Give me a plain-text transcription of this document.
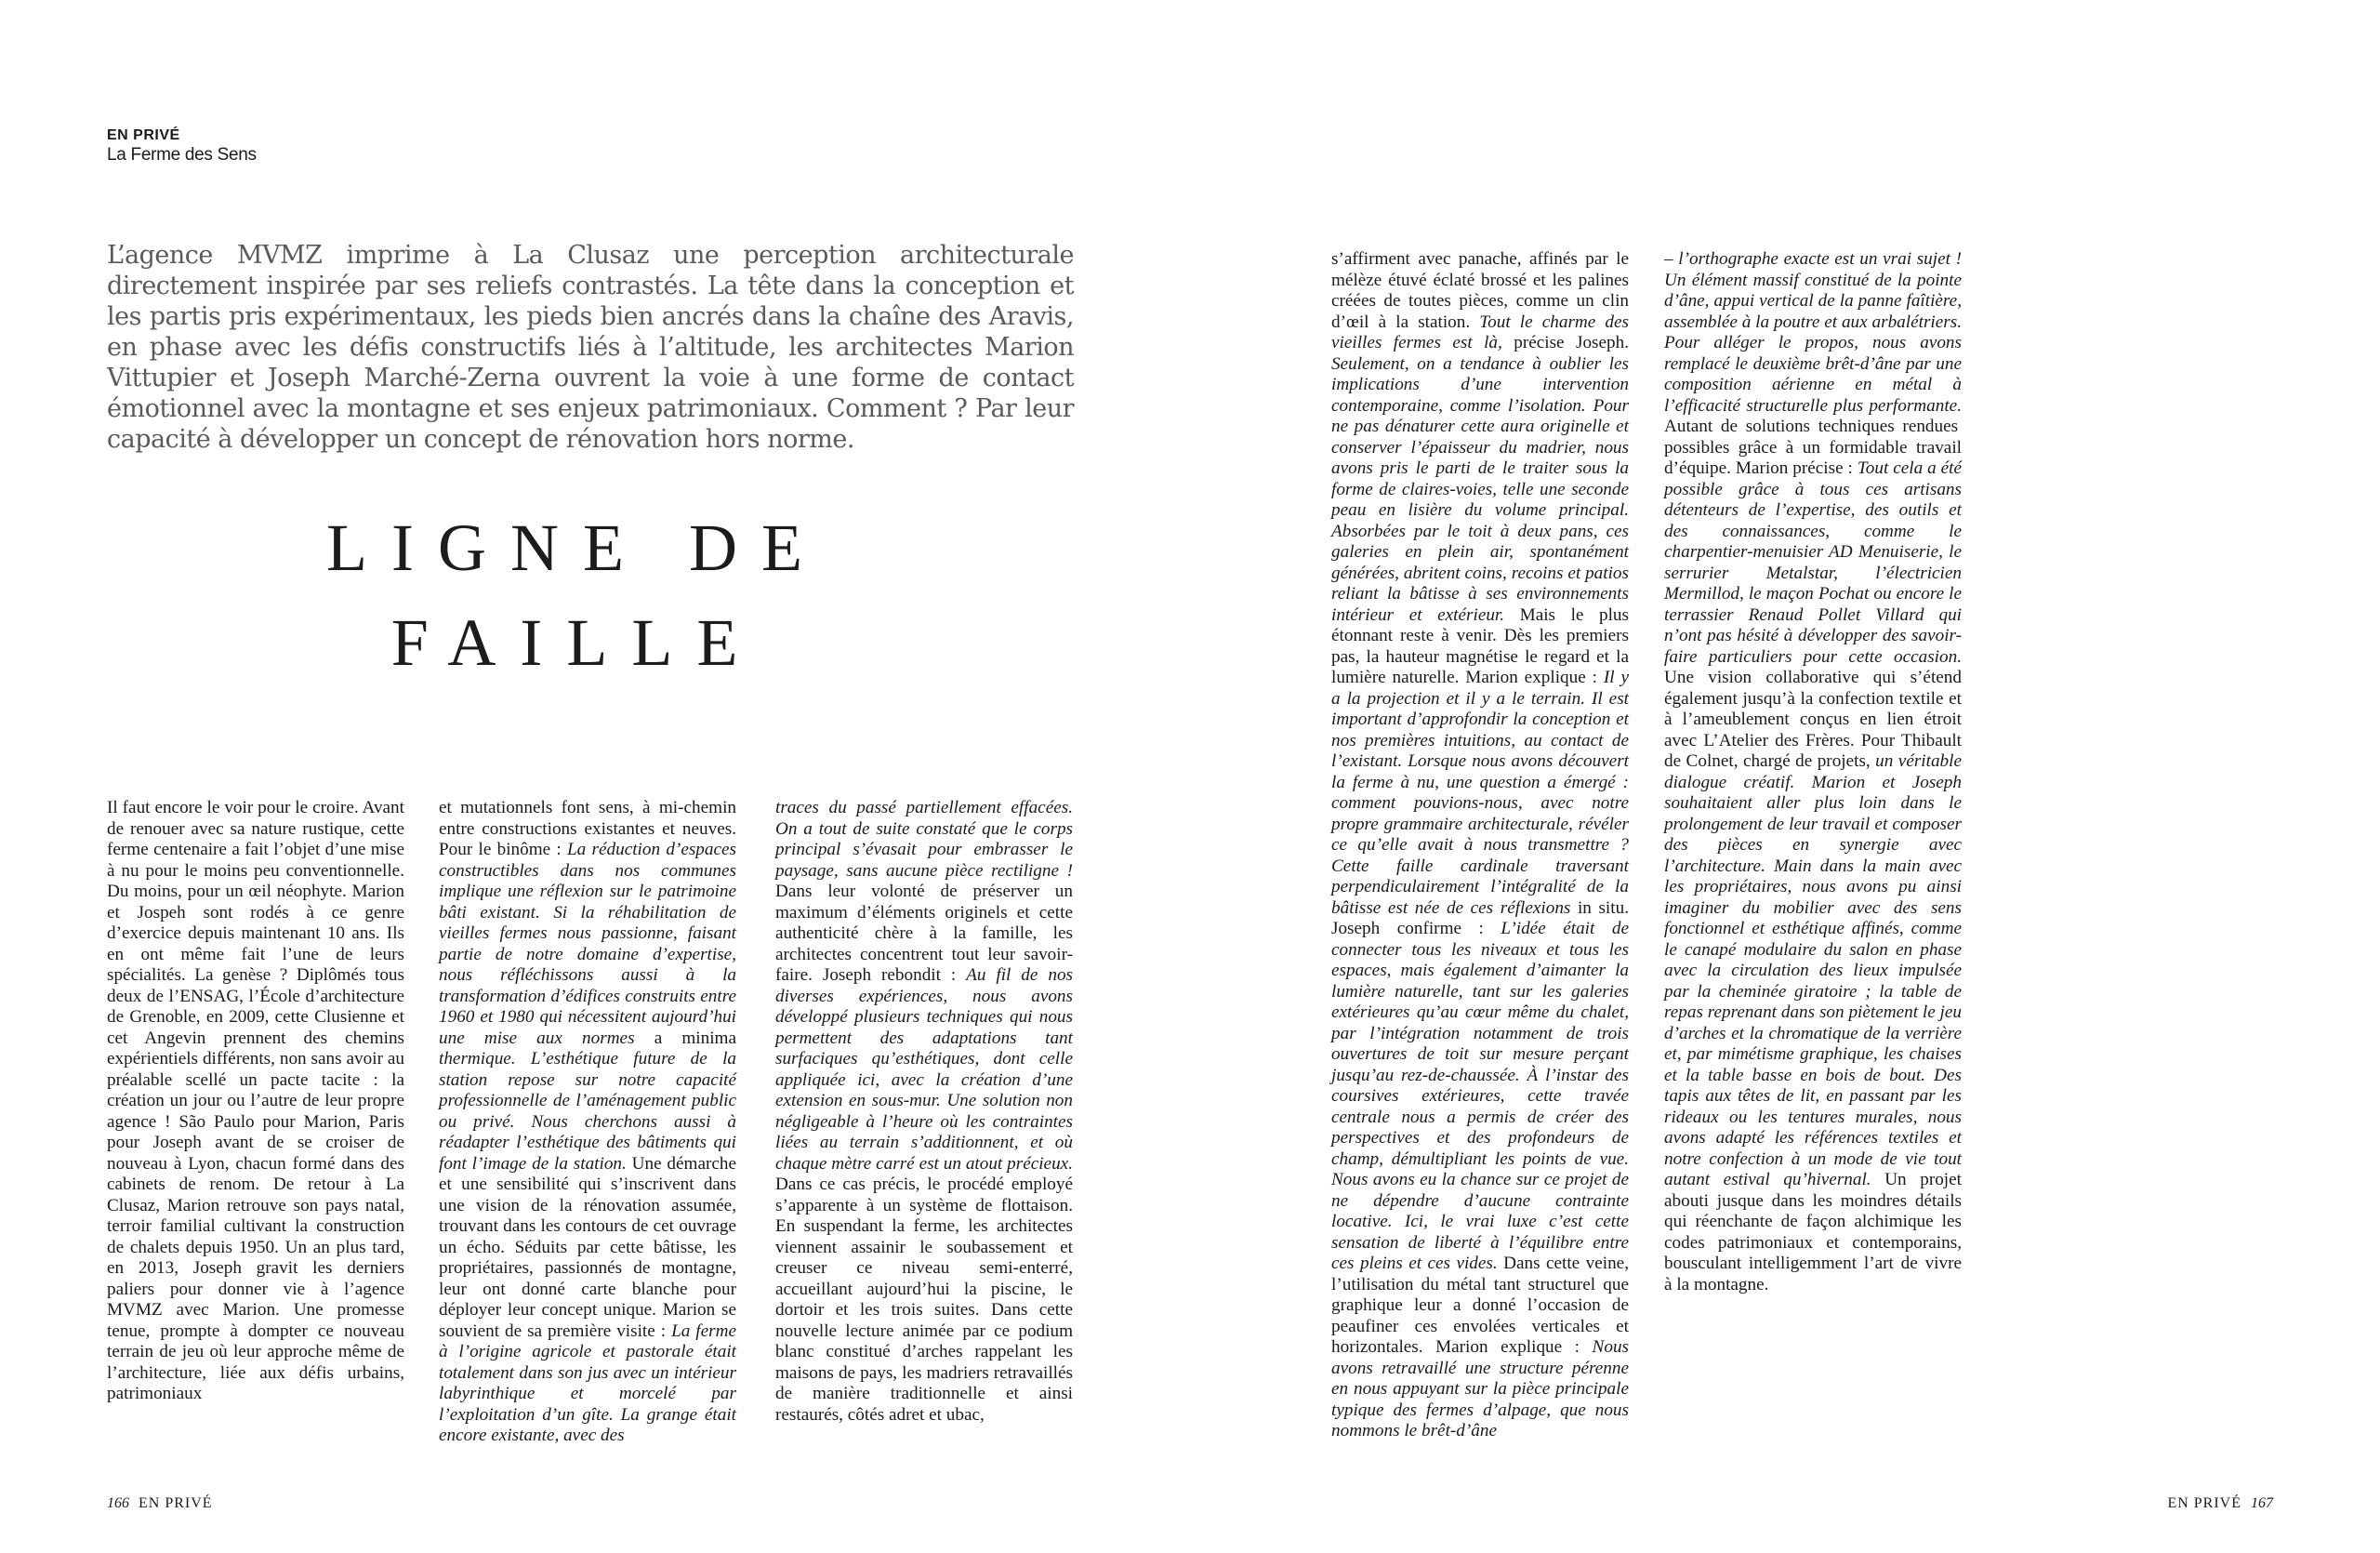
EN PRIVÉ
La Ferme des Sens
L’agence MVMZ imprime à La Clusaz une perception architecturale directement inspirée par ses reliefs contrastés. La tête dans la conception et les partis pris expérimentaux, les pieds bien ancrés dans la chaîne des Aravis, en phase avec les défis constructifs liés à l’altitude, les architectes Marion Vittupier et Joseph Marché-Zerna ouvrent la voie à une forme de contact émotionnel avec la montagne et ses enjeux patrimoniaux. Comment ? Par leur capacité à développer un concept de rénovation hors norme.
LIGNE DE
FAILLE
Il faut encore le voir pour le croire. Avant de renouer avec sa nature rustique, cette ferme centenaire a fait l’objet d’une mise à nu pour le moins peu conventionnelle. Du moins, pour un œil néophyte. Marion et Jospeh sont rodés à ce genre d’exercice depuis maintenant 10 ans. Ils en ont même fait l’une de leurs spécialités. La genèse ? Diplômés tous deux de l’ENSAG, l’École d’architecture de Grenoble, en 2009, cette Clusienne et cet Angevin prennent des chemins expérientiels différents, non sans avoir au préalable scellé un pacte tacite : la création un jour ou l’autre de leur propre agence ! São Paulo pour Marion, Paris pour Joseph avant de se croiser de nouveau à Lyon, chacun formé dans des cabinets de renom. De retour à La Clusaz, Marion retrouve son pays natal, terroir familial cultivant la construction de chalets depuis 1950. Un an plus tard, en 2013, Joseph gravit les derniers paliers pour donner vie à l’agence MVMZ avec Marion. Une promesse tenue, prompte à dompter ce nouveau terrain de jeu où leur approche même de l’architecture, liée aux défis urbains, patrimoniaux
et mutationnels font sens, à mi-chemin entre constructions existantes et neuves. Pour le binôme : La réduction d’espaces constructibles dans nos communes implique une réflexion sur le patrimoine bâti existant. Si la réhabilitation de vieilles fermes nous passionne, faisant partie de notre domaine d’expertise, nous réfléchissons aussi à la transformation d’édifices construits entre 1960 et 1980 qui nécessitent aujourd’hui une mise aux normes a minima thermique. L’esthétique future de la station repose sur notre capacité professionnelle de l’aménagement public ou privé. Nous cherchons aussi à réadapter l’esthétique des bâtiments qui font l’image de la station. Une démarche et une sensibilité qui s’inscrivent dans une vision de la rénovation assumée, trouvant dans les contours de cet ouvrage un écho. Séduits par cette bâtisse, les propriétaires, passionnés de montagne, leur ont donné carte blanche pour déployer leur concept unique. Marion se souvient de sa première visite : La ferme à l’origine agricole et pastorale était totalement dans son jus avec un intérieur labyrinthique et morcelé par l’exploitation d’un gîte. La grange était encore existante, avec des
traces du passé partiellement effacées. On a tout de suite constaté que le corps principal s’évasait pour embrasser le paysage, sans aucune pièce rectiligne ! Dans leur volonté de préserver un maximum d’éléments originels et cette authenticité chère à la famille, les architectes concentrent tout leur savoir-faire. Joseph rebondit : Au fil de nos diverses expériences, nous avons développé plusieurs techniques qui nous permettent des adaptations tant surfaciques qu’esthétiques, dont celle appliquée ici, avec la création d’une extension en sous-mur. Une solution non négligeable à l’heure où les contraintes liées au terrain s’additionnent, et où chaque mètre carré est un atout précieux. Dans ce cas précis, le procédé employé s’apparente à un système de flottaison. En suspendant la ferme, les architectes viennent assainir le soubassement et creuser ce niveau semi-enterré, accueillant aujourd’hui la piscine, le dortoir et les trois suites. Dans cette nouvelle lecture animée par ce podium blanc constitué d’arches rappelant les maisons de pays, les madriers retravaillés de manière traditionnelle et ainsi restaurés, côtés adret et ubac,
s’affirment avec panache, affinés par le mélèze étuvé éclaté brossé et les palines créées de toutes pièces, comme un clin d’œil à la station. Tout le charme des vieilles fermes est là, précise Joseph. Seulement, on a tendance à oublier les implications d’une intervention contemporaine, comme l’isolation. Pour ne pas dénaturer cette aura originelle et conserver l’épaisseur du madrier, nous avons pris le parti de le traiter sous la forme de claires-voies, telle une seconde peau en lisière du volume principal. Absorbées par le toit à deux pans, ces galeries en plein air, spontanément générées, abritent coins, recoins et patios reliant la bâtisse à ses environnements intérieur et extérieur. Mais le plus étonnant reste à venir. Dès les premiers pas, la hauteur magnétise le regard et la lumière naturelle. Marion explique : Il y a la projection et il y a le terrain. Il est important d’approfondir la conception et nos premières intuitions, au contact de l’existant. Lorsque nous avons découvert la ferme à nu, une question a émergé : comment pouvions-nous, avec notre propre grammaire architecturale, révéler ce qu’elle avait à nous transmettre ? Cette faille cardinale traversant perpendiculairement l’intégralité de la bâtisse est née de ces réflexions in situ. Joseph confirme : L’idée était de connecter tous les niveaux et tous les espaces, mais également d’aimanter la lumière naturelle, tant sur les galeries extérieures qu’au cœur même du chalet, par l’intégration notamment de trois ouvertures de toit sur mesure perçant jusqu’au rez-de-chaussée. À l’instar des coursives extérieures, cette travée centrale nous a permis de créer des perspectives et des profondeurs de champ, démultipliant les points de vue. Nous avons eu la chance sur ce projet de ne dépendre d’aucune contrainte locative. Ici, le vrai luxe c’est cette sensation de liberté à l’équilibre entre ces pleins et ces vides. Dans cette veine, l’utilisation du métal tant structurel que graphique leur a donné l’occasion de peaufiner ces envolées verticales et horizontales. Marion explique : Nous avons retravaillé une structure pérenne en nous appuyant sur la pièce principale typique des fermes d’alpage, que nous nommons le brêt-d’âne
– l’orthographe exacte est un vrai sujet ! Un élément massif constitué de la pointe d’âne, appui vertical de la panne faîtière, assemblée à la poutre et aux arbalétriers. Pour alléger le propos, nous avons remplacé le deuxième brêt-d’âne par une composition aérienne en métal à l’efficacité structurelle plus performante. Autant de solutions techniques rendues possibles grâce à un formidable travail d’équipe. Marion précise : Tout cela a été possible grâce à tous ces artisans détenteurs de l’expertise, des outils et des connaissances, comme le charpentier-menuisier AD Menuiserie, le serrurier Metalstar, l’électricien Mermillod, le maçon Pochat ou encore le terrassier Renaud Pollet Villard qui n’ont pas hésité à développer des savoir-faire particuliers pour cette occasion. Une vision collaborative qui s’étend également jusqu’à la confection textile et à l’ameublement conçus en lien étroit avec L’Atelier des Frères. Pour Thibault de Colnet, chargé de projets, un véritable dialogue créatif. Marion et Joseph souhaitaient aller plus loin dans le prolongement de leur travail et composer des pièces en synergie avec l’architecture. Main dans la main avec les propriétaires, nous avons pu ainsi imaginer du mobilier avec des sens fonctionnel et esthétique affinés, comme le canapé modulaire du salon en phase avec la circulation des lieux impulsée par la cheminée giratoire ; la table de repas reprenant dans son piètement le jeu d’arches et la chromatique de la verrière et, par mimétisme graphique, les chaises et la table basse en bois de bout. Des tapis aux têtes de lit, en passant par les rideaux ou les tentures murales, nous avons adapté les références textiles et notre confection à un mode de vie tout autant estival qu’hivernal. Un projet abouti jusque dans les moindres détails qui réenchante de façon alchimique les codes patrimoniaux et contemporains, bousculant intelligemment l’art de vivre à la montagne.
166 EN PRIVÉ	EN PRIVÉ 167
